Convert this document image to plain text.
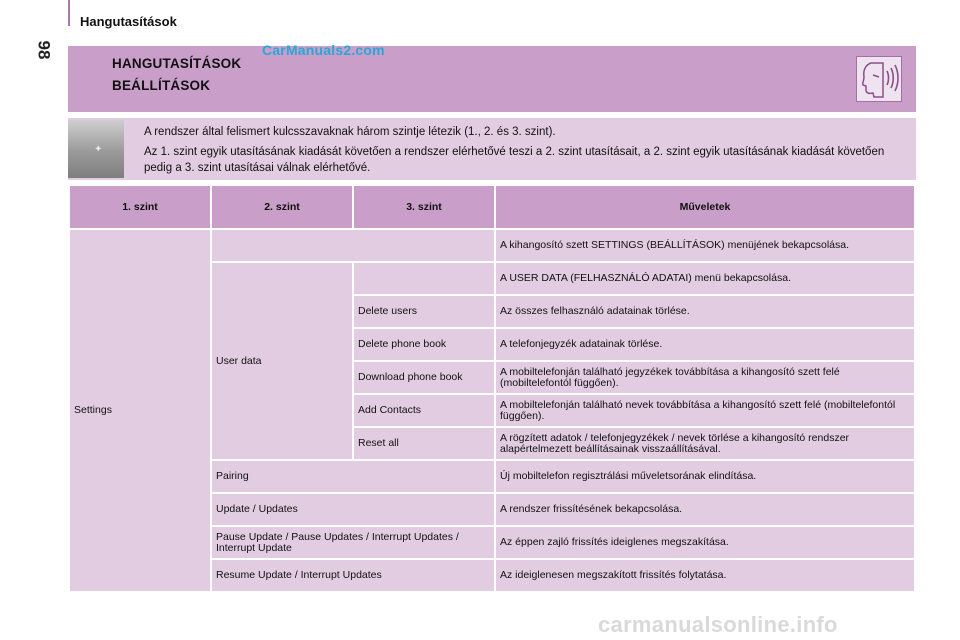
Hangutasítások
98
HANGUTASÍTÁSOK
BEÁLLÍTÁSOK
CarManuals2.com
✦

A rendszer által felismert kulcsszavaknak három szintje létezik (1., 2. és 3. szint).

Az 1. szint egyik utasításának kiadását követően a rendszer elérhetővé teszi a 2. szint utasításait, a 2. szint egyik utasításának kiadását követően pedig a 3. szint utasításai válnak elérhetővé.

1. szint	2. szint	3. szint	Műveletek
Settings			A kihangosító szett SETTINGS (BEÁLLÍTÁSOK) menüjének bekapcsolása.
	User data		A USER DATA (FELHASZNÁLÓ ADATAI) menü bekapcsolása.
		Delete users	Az összes felhasználó adatainak törlése.
		Delete phone book	A telefonjegyzék adatainak törlése.
		Download phone book	A mobiltelefonján található jegyzékek továbbítása a kihangosító szett felé (mobiltelefontól függően).
		Add Contacts	A mobiltelefonján található nevek továbbítása a kihangosító szett felé (mobiltelefontól függően).
		Reset all	A rögzített adatok / telefonjegyzékek / nevek törlése a kihangosító rendszer alapértelmezett beállításainak visszaállításával.
	Pairing		Új mobiltelefon regisztrálási műveletsorának elindítása.
	Update / Updates		A rendszer frissítésének bekapcsolása.
	Pause Update / Pause Updates / Interrupt Updates / Interrupt Update		Az éppen zajló frissítés ideiglenes megszakítása.
	Resume Update / Interrupt Updates		Az ideiglenesen megszakított frissítés folytatása.
carmanualsonline.info
